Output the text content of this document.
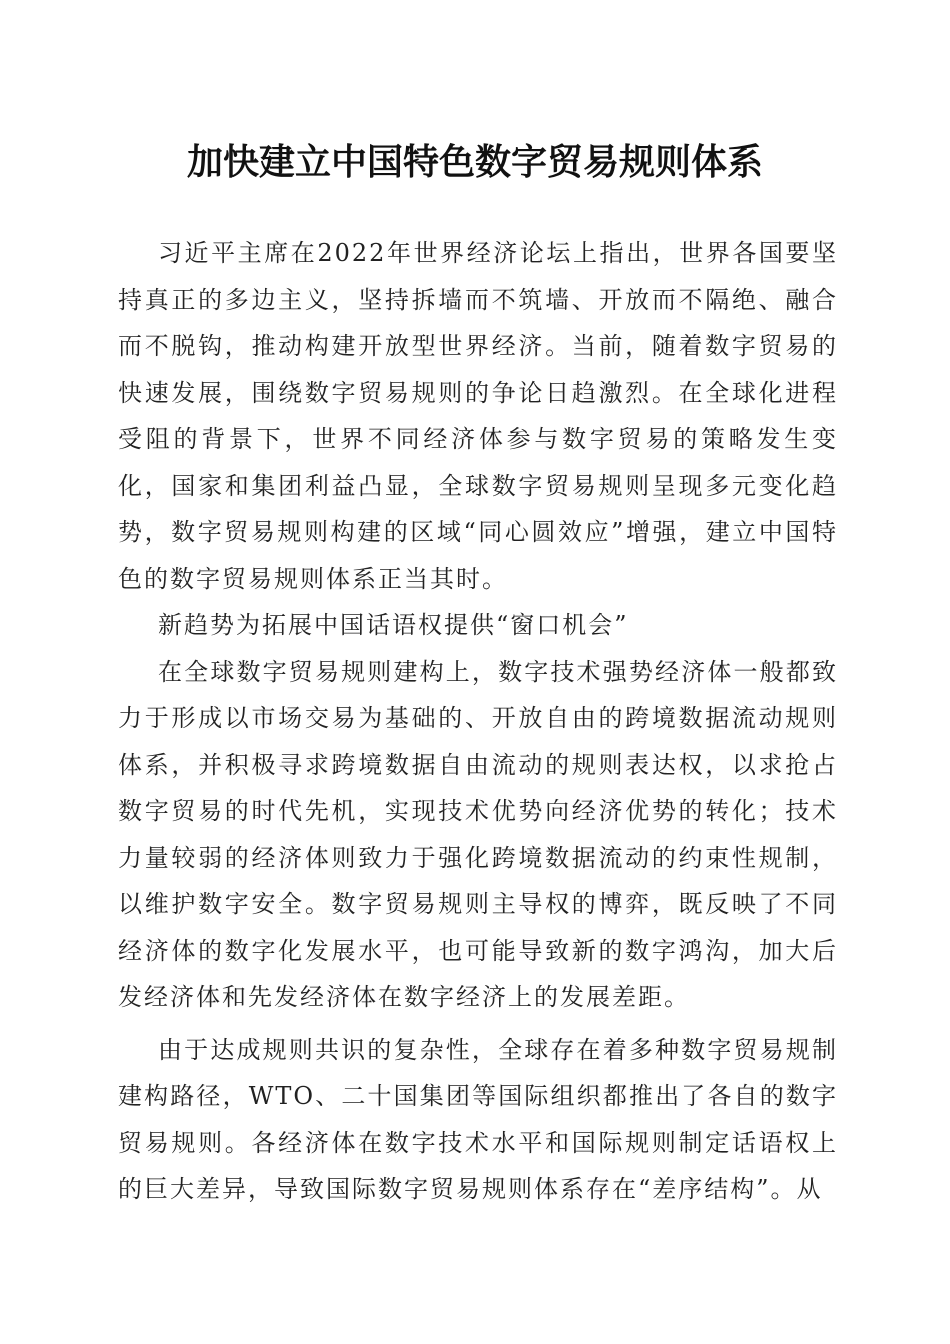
加快建立中国特色数字贸易规则体系

习近平主席在2022年世界经济论坛上指出，世界各国要坚持真正的多边主义，坚持拆墙而不筑墙、开放而不隔绝、融合而不脱钩，推动构建开放型世界经济。当前，随着数字贸易的快速发展，围绕数字贸易规则的争论日趋激烈。在全球化进程受阻的背景下，世界不同经济体参与数字贸易的策略发生变化，国家和集团利益凸显，全球数字贸易规则呈现多元变化趋势，数字贸易规则构建的区域“同心圆效应”增强，建立中国特色的数字贸易规则体系正当其时。

新趋势为拓展中国话语权提供“窗口机会”

在全球数字贸易规则建构上，数字技术强势经济体一般都致力于形成以市场交易为基础的、开放自由的跨境数据流动规则体系，并积极寻求跨境数据自由流动的规则表达权，以求抢占数字贸易的时代先机，实现技术优势向经济优势的转化；技术力量较弱的经济体则致力于强化跨境数据流动的约束性规制，以维护数字安全。数字贸易规则主导权的博弈，既反映了不同经济体的数字化发展水平，也可能导致新的数字鸿沟，加大后发经济体和先发经济体在数字经济上的发展差距。

由于达成规则共识的复杂性，全球存在着多种数字贸易规制建构路径，WTO、二十国集团等国际组织都推出了各自的数字贸易规则。各经济体在数字技术水平和国际规则制定话语权上的巨大差异，导致国际数字贸易规则体系存在“差序结构”。从
